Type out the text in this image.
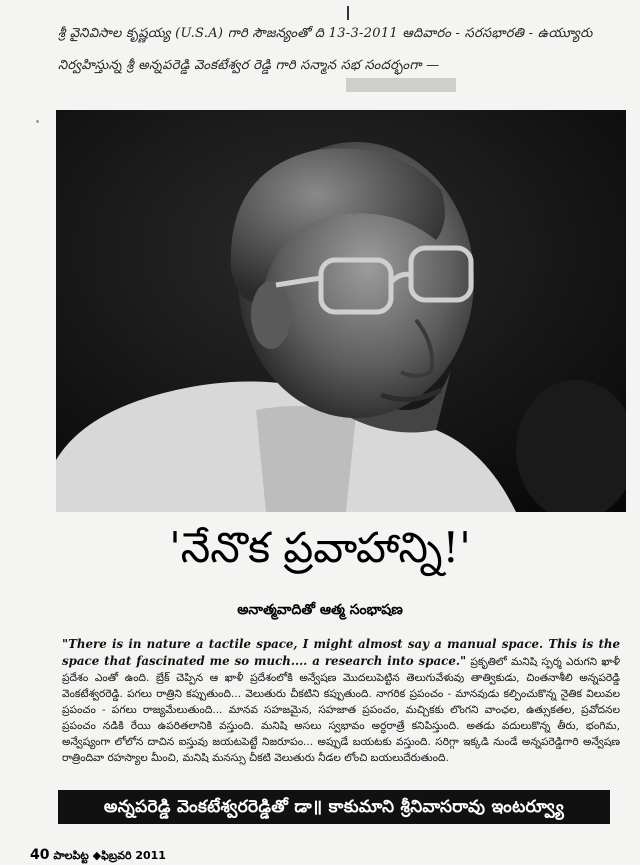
శ్రీ వైనివిసాల కృష్ణయ్య (U.S.A) గారి సౌజన్యంతో ది 13-3-2011 ఆదివారం - సరసభారతి - ఉయ్యూరు
నిర్వహిస్తున్న శ్రీ అన్నపరెడ్డి వెంకటేశ్వర రెడ్డి గారి సన్మాన సభ సందర్భంగా —
'నేనొక ప్రవాహాన్ని!'
అనాత్మవాదితో ఆత్మ సంభాషణ
"There is in nature a tactile space, I might almost say a manual space. This is the space that fascinated me so much.... a research into space." ప్రకృతిలో మనిషి స్పర్శ ఎరుగని ఖాళీ ప్రదేశం ఎంతో ఉంది. బ్రేక్ చెప్పిన ఆ ఖాళీ ప్రదేశంలోకి అన్వేషణ మొదలుపెట్టిన తెలుగువేళువు తాత్వికుడు, చింతనాశీలి అన్నపరెడ్డి వెంకటేశ్వరరెడ్డి. పగలు రాత్రిని కప్పుతుంది... వెలుతురు చీకటిని కప్పుతుంది. నాగరిక ప్రపంచం - మానవుడు కల్పించుకొన్న నైతిక విలువల ప్రపంచం - పగలు రాజ్యమేలుతుంది... మానవ సహజమైన, సహజాత ప్రపంచం, మచ్చికకు లొంగని వాంఛల, ఉత్సుకతల, ప్రవోదనల ప్రపంచం నడికి రేయి ఉపరితలానికి వస్తుంది. మనిషి అసలు స్వభావం అర్ధరాత్రే కనిపిస్తుంది. అతడు వదులుకొన్న తీరు, భంగిమ, అన్వేష్యంగా లోలోన దాచిన ఐస్తువు జయటపెట్టే నిజరూపం... అప్పుడే బయటకు వస్తుంది. సరిగ్గా ఇక్కడి నుండే అన్నపరెడ్డిగారి అన్వేషణ రాత్రిందివా రహస్యాల మీంచి, మనిషి మనస్సు చీకటి వెలుతురు నీడల లోంచి బయలుదేరుతుంది.
అన్నపరెడ్డి వెంకటేశ్వరరెడ్డితో డా॥ కాకుమాని శ్రీనివాసరావు ఇంటర్వ్యూ
40 పాలపిట్ట ◆ఫిబ్రవరి 2011
